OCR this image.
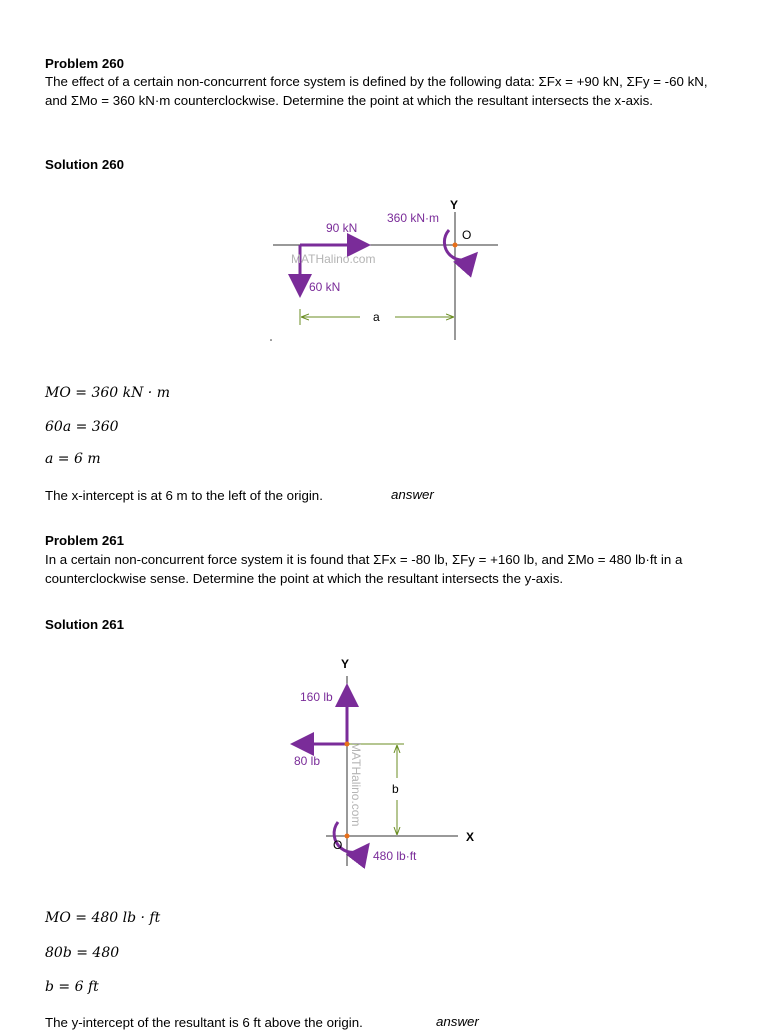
Problem 260
The effect of a certain non-concurrent force system is defined by the following data: ΣFx = +90 kN, ΣFy = -60 kN, and ΣMo = 360 kN·m counterclockwise. Determine the point at which the resultant intersects the x-axis.
Solution 260
90 kN
60 kN
360 kN·m
Y
O
a
MATHalino.com
160 lb
80 lb
480 lb·ft
Y
X
O
b
MATHalino.com
MO = 360 kN · m
60a = 360
a = 6 m
The x-intercept is at 6 m to the left of the origin.	answer
Problem 261
In a certain non-concurrent force system it is found that ΣFx = -80 lb, ΣFy = +160 lb, and ΣMo = 480 lb·ft in a counterclockwise sense. Determine the point at which the resultant intersects the y-axis.
Solution 261
MO = 480 lb · ft
80b = 480
b = 6 ft
The y-intercept of the resultant is 6 ft above the origin.	answer
